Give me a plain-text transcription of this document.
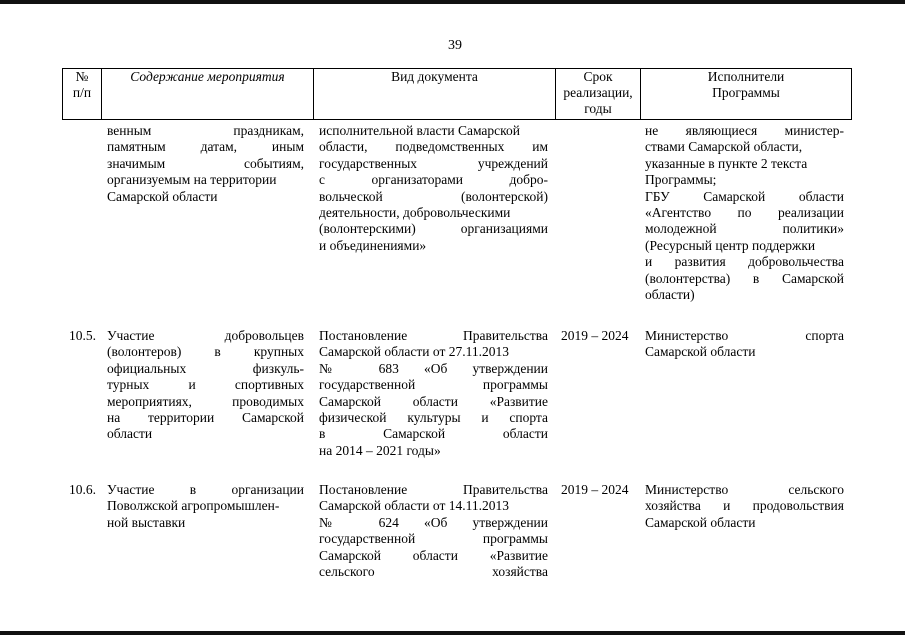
39
№
п/п
Содержание мероприятия	Вид документа	Срок
реализации,
годы
Исполнители
Программы
венным праздникам,
памятным датам, иным
значимым событиям,
организуемым на территории
Самарской области
исполнительной власти Самарской
области, подведомственных им
государственных учреждений
с организаторами добро-
вольческой (волонтерской)
деятельности, добровольческими
(волонтерскими) организациями
и объединениями»
не являющиеся министер-
ствами Самарской области,
указанные в пункте 2 текста
Программы;
ГБУ Самарской области
«Агентство по реализации
молодежной политики»
(Ресурсный центр поддержки
и развития добровольчества
(волонтерства) в Самарской
области)
10.5. Участие добровольцев
(волонтеров) в крупных
официальных физкуль-
турных и спортивных
мероприятиях, проводимых
на территории Самарской
области
Постановление Правительства
Самарской области от 27.11.2013
№ 683 «Об утверждении
государственной программы
Самарской области «Развитие
физической культуры и спорта
в Самарской области
на 2014 – 2021 годы»
2019 – 2024 Министерство спорта
Самарской области
10.6. Участие в организации
Поволжской агропромышлен-
ной выставки
Постановление Правительства
Самарской области от 14.11.2013
№ 624 «Об утверждении
государственной программы
Самарской области «Развитие
сельского хозяйства
2019 – 2024 Министерство сельского
хозяйства и продовольствия
Самарской области
